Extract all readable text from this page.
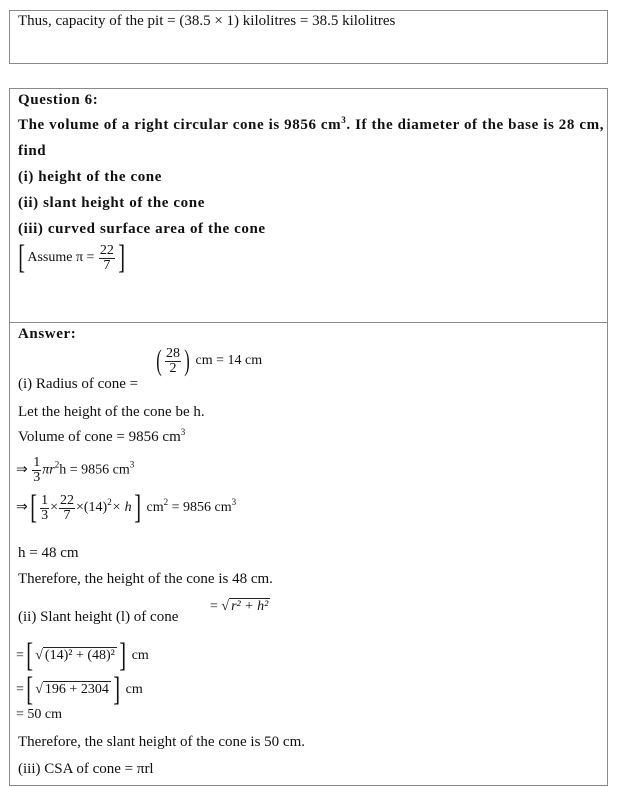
Thus, capacity of the pit = (38.5 × 1) kilolitres = 38.5 kilolitres
Question 6:
The volume of a right circular cone is 9856 $cm^3$. If the diameter of the base is 28 cm,
find
(i) height of the cone
(ii) slant height of the cone
(iii) curved surface area of the cone
[ Assume $\pi = \frac{22}{7}$ ]
Answer:
(i) Radius of cone =
( $\frac{28}{2}$ ) cm = 14 cm
Let the height of the cone be h.
Volume of cone = 9856 $cm^3$
⇒ $\frac{1}{3} \pi r^2h = 9856$ $cm^3$
⇒[ $\frac{1}{3} \times \frac{22}{7} \times(14)^2\times h$] $cm^2 = 9856$ $cm^3$
h = 48 cm
Therefore, the height of the cone is 48 cm.
(ii) Slant height (l) of cone
= √ r² + h²
=[ √ (14)² + (48)² ] cm
=[ √ 196 + 2304 ] cm
= 50 cm
Therefore, the slant height of the cone is 50 cm.
(iii) CSA of cone = πrl
